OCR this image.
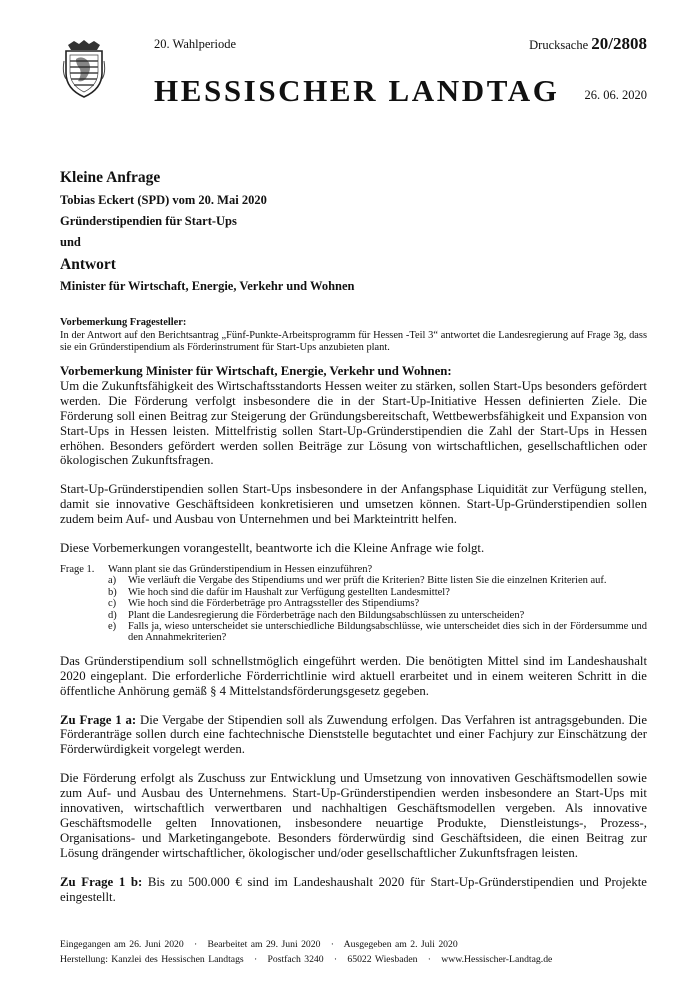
20. Wahlperiode	Drucksache 20/2808
HESSISCHER LANDTAG 26. 06. 2020
Kleine Anfrage
Tobias Eckert (SPD) vom 20. Mai 2020
Gründerstipendien für Start-Ups
und
Antwort
Minister für Wirtschaft, Energie, Verkehr und Wohnen
Vorbemerkung Fragesteller:
In der Antwort auf den Berichtsantrag „Fünf-Punkte-Arbeitsprogramm für Hessen -Teil 3“ antwortet die Landesregierung auf Frage 3g, dass sie ein Gründerstipendium als Förderinstrument für Start-Ups anzubieten plant.
Vorbemerkung Minister für Wirtschaft, Energie, Verkehr und Wohnen:
Um die Zukunftsfähigkeit des Wirtschaftsstandorts Hessen weiter zu stärken, sollen Start-Ups besonders gefördert werden. Die Förderung verfolgt insbesondere die in der Start-Up-Initiative Hessen definierten Ziele. Die Förderung soll einen Beitrag zur Steigerung der Gründungsbereitschaft, Wettbewerbsfähigkeit und Expansion von Start-Ups in Hessen leisten. Mittelfristig sollen Start-Up-Gründerstipendien die Zahl der Start-Ups in Hessen erhöhen. Besonders gefördert werden sollen Beiträge zur Lösung von wirtschaftlichen, gesellschaftlichen oder ökologischen Zukunftsfragen.
Start-Up-Gründerstipendien sollen Start-Ups insbesondere in der Anfangsphase Liquidität zur Verfügung stellen, damit sie innovative Geschäftsideen konkretisieren und umsetzen können. Start-Up-Gründerstipendien sollen zudem beim Auf- und Ausbau von Unternehmen und bei Markteintritt helfen.
Diese Vorbemerkungen vorangestellt, beantworte ich die Kleine Anfrage wie folgt.
Frage 1.	Wann plant sie das Gründerstipendium in Hessen einzuführen?
a)	Wie verläuft die Vergabe des Stipendiums und wer prüft die Kriterien? Bitte listen Sie die einzelnen Kriterien auf.
b)	Wie hoch sind die dafür im Haushalt zur Verfügung gestellten Landesmittel?
c)	Wie hoch sind die Förderbeträge pro Antragssteller des Stipendiums?
d)	Plant die Landesregierung die Förderbeträge nach den Bildungsabschlüssen zu unterscheiden?
e)	Falls ja, wieso unterscheidet sie unterschiedliche Bildungsabschlüsse, wie unterscheidet dies sich in der Fördersumme und den Annahmekriterien?
Das Gründerstipendium soll schnellstmöglich eingeführt werden. Die benötigten Mittel sind im Landeshaushalt 2020 eingeplant. Die erforderliche Förderrichtlinie wird aktuell erarbeitet und in einem weiteren Schritt in die öffentliche Anhörung gemäß § 4 Mittelstandsförderungsgesetz gegeben.
Zu Frage 1 a: Die Vergabe der Stipendien soll als Zuwendung erfolgen. Das Verfahren ist antragsgebunden. Die Förderanträge sollen durch eine fachtechnische Dienststelle begutachtet und einer Fachjury zur Einschätzung der Förderwürdigkeit vorgelegt werden.
Die Förderung erfolgt als Zuschuss zur Entwicklung und Umsetzung von innovativen Geschäftsmodellen sowie zum Auf- und Ausbau des Unternehmens. Start-Up-Gründerstipendien werden insbesondere an Start-Ups mit innovativen, wirtschaftlich verwertbaren und nachhaltigen Geschäftsmodellen vergeben. Als innovative Geschäftsmodelle gelten Innovationen, insbesondere neuartige Produkte, Dienstleistungs-, Prozess-, Organisations- und Marketingangebote. Besonders förderwürdig sind Geschäftsideen, die einen Beitrag zur Lösung drängender wirtschaftlicher, ökologischer und/oder gesellschaftlicher Zukunftsfragen leisten.
Zu Frage 1 b: Bis zu 500.000 € sind im Landeshaushalt 2020 für Start-Up-Gründerstipendien und Projekte eingestellt.
Eingegangen am 26. Juni 2020   ·   Bearbeitet am 29. Juni 2020   ·   Ausgegeben am 2. Juli 2020
Herstellung: Kanzlei des Hessischen Landtags   ·   Postfach 3240   ·   65022 Wiesbaden   ·   www.Hessischer-Landtag.de
